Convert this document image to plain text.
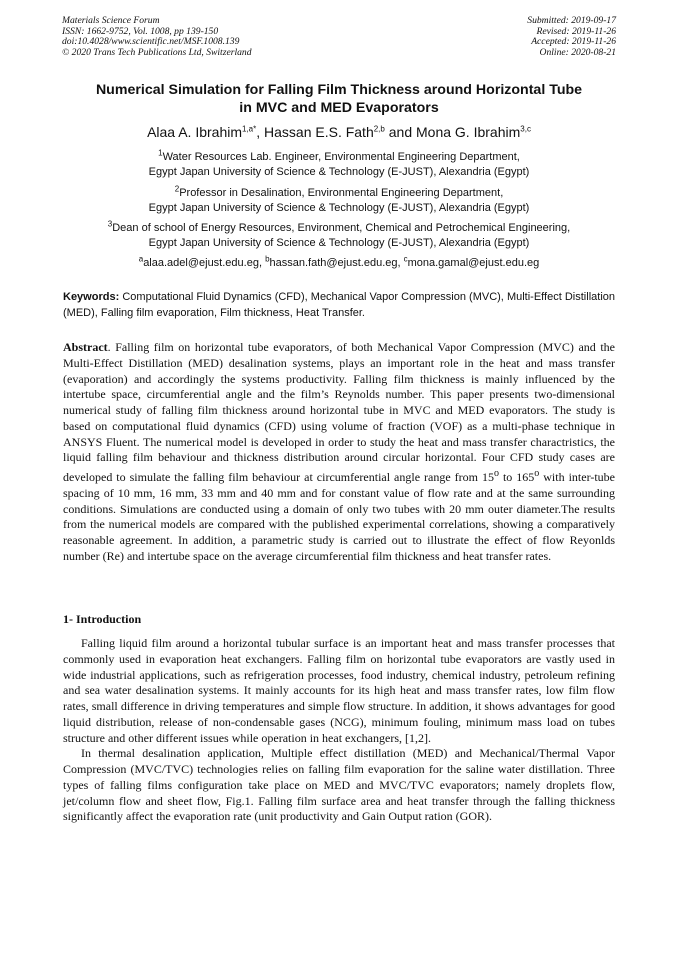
Materials Science Forum
ISSN: 1662-9752, Vol. 1008, pp 139-150
doi:10.4028/www.scientific.net/MSF.1008.139
© 2020 Trans Tech Publications Ltd, Switzerland
Submitted: 2019-09-17
Revised: 2019-11-26
Accepted: 2019-11-26
Online: 2020-08-21
Numerical Simulation for Falling Film Thickness around Horizontal Tube
in MVC and MED Evaporators
Alaa A. Ibrahim$^{1,a*}$, Hassan E.S. Fath$^{2,b}$ and Mona G. Ibrahim$^{3,c}$
$^1$Water Resources Lab. Engineer, Environmental Engineering Department,
Egypt Japan University of Science & Technology (E-JUST), Alexandria (Egypt)
$^2$Professor in Desalination, Environmental Engineering Department,
Egypt Japan University of Science & Technology (E-JUST), Alexandria (Egypt)
$^3$Dean of school of Energy Resources, Environment, Chemical and Petrochemical Engineering,
Egypt Japan University of Science & Technology (E-JUST), Alexandria (Egypt)
$^a$alaa.adel@ejust.edu.eg, $^b$hassan.fath@ejust.edu.eg, $^c$mona.gamal@ejust.edu.eg
Keywords: Computational Fluid Dynamics (CFD), Mechanical Vapor Compression (MVC), Multi-Effect Distillation (MED), Falling film evaporation, Film thickness, Heat Transfer.

Abstract. Falling film on horizontal tube evaporators, of both Mechanical Vapor Compression (MVC) and the Multi-Effect Distillation (MED) desalination systems, plays an important role in the heat and mass transfer (evaporation) and accordingly the systems productivity. Falling film thickness is mainly influenced by the intertube space, circumferential angle and the film’s Reynolds number. This paper presents two-dimensional numerical study of falling film thickness around horizontal tube in MVC and MED evaporators. The study is based on computational fluid dynamics (CFD) using volume of fraction (VOF) as a multi-phase technique in ANSYS Fluent. The numerical model is developed in order to study the heat and mass transfer charactristics, the liquid falling film behaviour and thickness distribution around circular horizontal. Four CFD study cases are developed to simulate the falling film behaviour at circumferential angle range from 15$^o$ to 165$^o$ with inter-tube spacing of 10 mm, 16 mm, 33 mm and 40 mm and for constant value of flow rate and at the same surrounding conditions. Simulations are conducted using a domain of only two tubes with 20 mm outer diameter.The results from the numerical models are compared with the published experimental correlations, showing a comparatively reasonable agreement. In addition, a parametric study is carried out to illustrate the effect of flow Reyonlds number (Re) and intertube space on the average circumferential film thickness and heat transfer rates.

1- Introduction

Falling liquid film around a horizontal tubular surface is an important heat and mass transfer processes that commonly used in evaporation heat exchangers. Falling film on horizontal tube evaporators are vastly used in wide industrial applications, such as refrigeration processes, food industry, chemical industry, petroleum refining and sea water desalination systems. It mainly accounts for its high heat and mass transfer rates, low film flow rates, small difference in driving temperatures and simple flow structure. In addition, it shows advantages for good liquid distribution, release of non-condensable gases (NCG), minimum fouling, minimum mass load on tubes structure and other different issues while operation in heat exchangers, [1,2].

In thermal desalination application, Multiple effect distillation (MED) and Mechanical/Thermal Vapor Compression (MVC/TVC) technologies relies on falling film evaporation for the saline water distillation. Three types of falling films configuration take place on MED and MVC/TVC evaporators; namely droplets flow, jet/column flow and sheet flow, Fig.1. Falling film surface area and heat transfer through the falling thickness significantly affect the evaporation rate (unit productivity and Gain Output ration (GOR).
